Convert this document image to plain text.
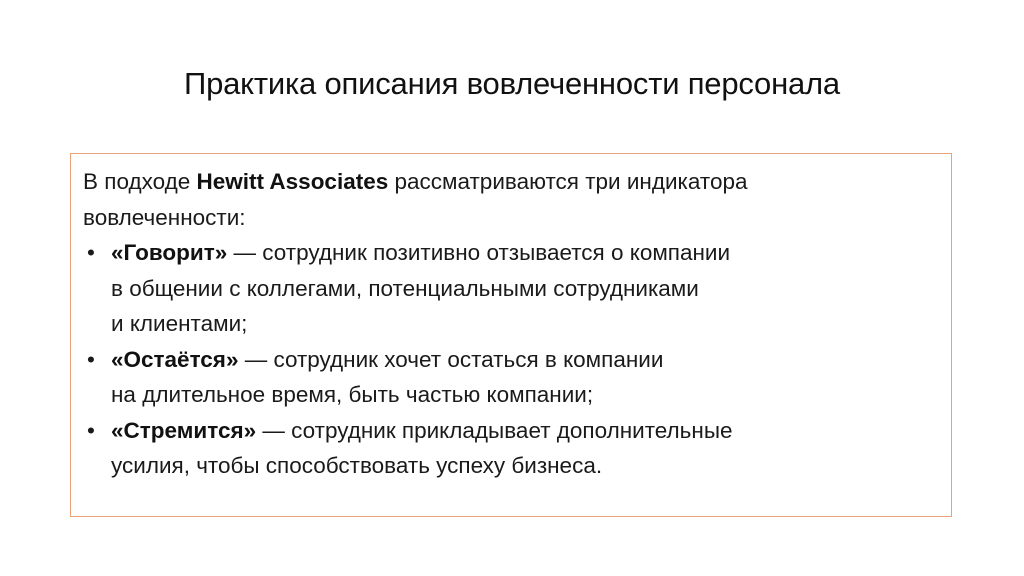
Практика описания вовлеченности персонала

В подходе Hewitt Associates рассматриваются три индикатора
вовлеченности:

• «Говорит» — сотрудник позитивно отзывается о компании
в общении с коллегами, потенциальными сотрудниками
и клиентами;
• «Остаётся» — сотрудник хочет остаться в компании
на длительное время, быть частью компании;
• «Стремится» — сотрудник прикладывает дополнительные
усилия, чтобы способствовать успеху бизнеса.
